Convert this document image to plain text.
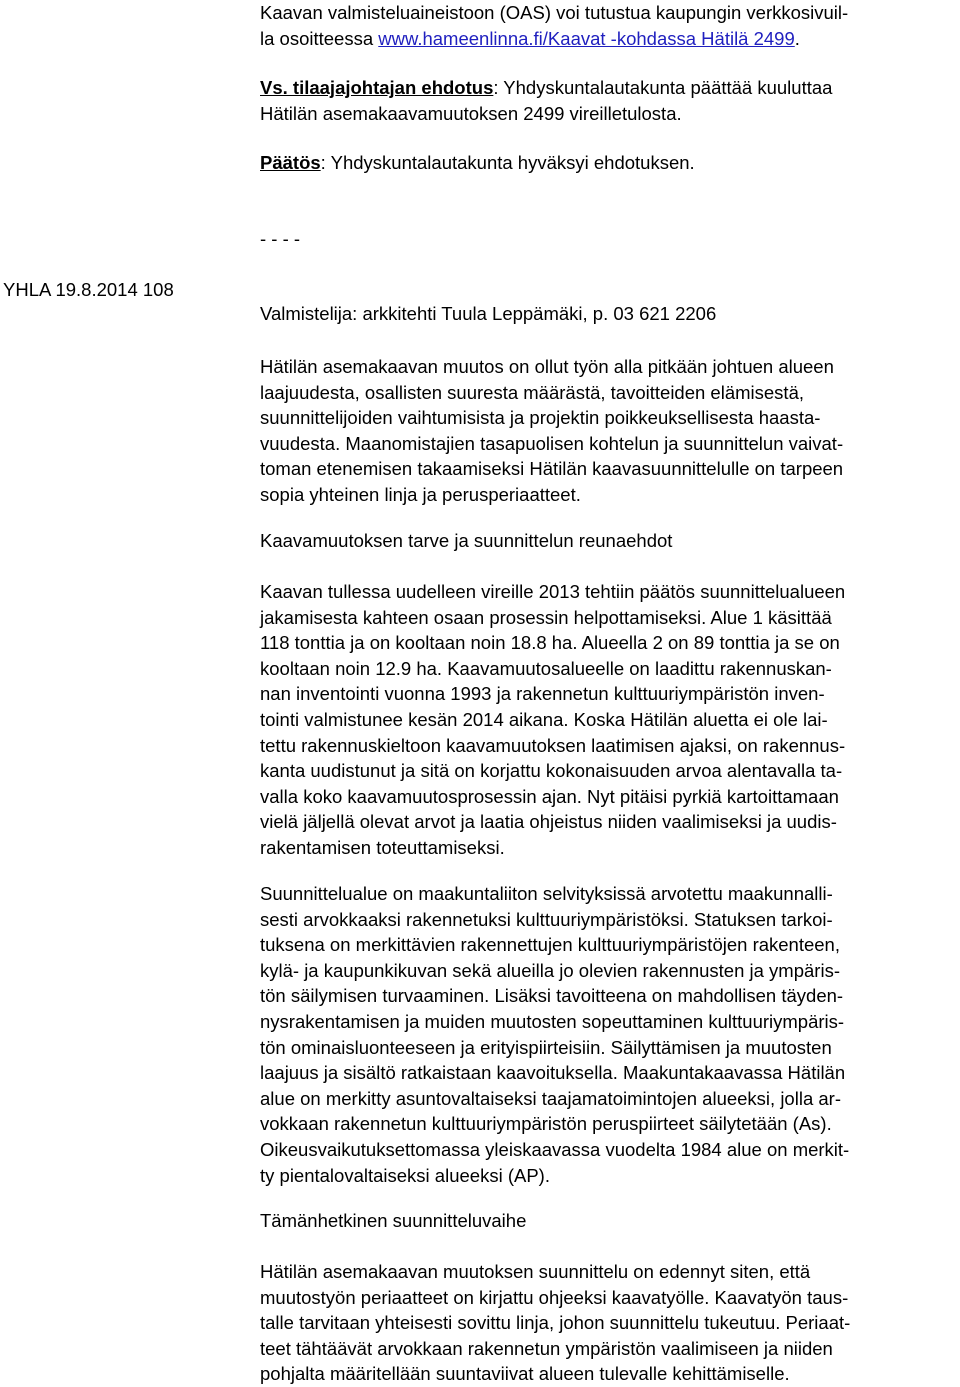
Kaavan valmisteluaineistoon (OAS) voi tutustua kaupungin verkkosivuil-

la osoitteessa www.hameenlinna.fi/Kaavat -kohdassa Hätilä 2499.

Vs. tilaajajohtajan ehdotus: Yhdyskuntalautakunta päättää kuuluttaa

Hätilän asemakaavamuutoksen 2499 vireilletulosta.

Päätös: Yhdyskuntalautakunta hyväksyi ehdotuksen.

- - - -

YHLA 19.8.2014 108

Valmistelija: arkkitehti Tuula Leppämäki, p. 03 621 2206

Hätilän asemakaavan muutos on ollut työn alla pitkään johtuen alueen

laajuudesta, osallisten suuresta määrästä, tavoitteiden elämisestä,

suunnittelijoiden vaihtumisista ja projektin poikkeuksellisesta haasta-

vuudesta. Maanomistajien tasapuolisen kohtelun ja suunnittelun vaivat-

toman etenemisen takaamiseksi Hätilän kaavasuunnittelulle on tarpeen

sopia yhteinen linja ja perusperiaatteet.

Kaavamuutoksen tarve ja suunnittelun reunaehdot

Kaavan tullessa uudelleen vireille 2013 tehtiin päätös suunnittelualueen

jakamisesta kahteen osaan prosessin helpottamiseksi. Alue 1 käsittää

118 tonttia ja on kooltaan noin 18.8 ha. Alueella 2 on 89 tonttia ja se on

kooltaan noin 12.9 ha. Kaavamuutosalueelle on laadittu rakennuskan-

nan inventointi vuonna 1993 ja rakennetun kulttuuriympäristön inven-

tointi valmistunee kesän 2014 aikana. Koska Hätilän aluetta ei ole lai-

tettu rakennuskieltoon kaavamuutoksen laatimisen ajaksi, on rakennus-

kanta uudistunut ja sitä on korjattu kokonaisuuden arvoa alentavalla ta-

valla koko kaavamuutosprosessin ajan. Nyt pitäisi pyrkiä kartoittamaan

vielä jäljellä olevat arvot ja laatia ohjeistus niiden vaalimiseksi ja uudis-

rakentamisen toteuttamiseksi.

Suunnittelualue on maakuntaliiton selvityksissä arvotettu maakunnalli-

sesti arvokkaaksi rakennetuksi kulttuuriympäristöksi. Statuksen tarkoi-

tuksena on merkittävien rakennettujen kulttuuriympäristöjen rakenteen,

kylä- ja kaupunkikuvan sekä alueilla jo olevien rakennusten ja ympäris-

tön säilymisen turvaaminen. Lisäksi tavoitteena on mahdollisen täyden-

nysrakentamisen ja muiden muutosten sopeuttaminen kulttuuriympäris-

tön ominaisluonteeseen ja erityispiirteisiin. Säilyttämisen ja muutosten

laajuus ja sisältö ratkaistaan kaavoituksella. Maakuntakaavassa Hätilän

alue on merkitty asuntovaltaiseksi taajamatoimintojen alueeksi, jolla ar-

vokkaan rakennetun kulttuuriympäristön peruspiirteet säilytetään (As).

Oikeusvaikutuksettomassa yleiskaavassa vuodelta 1984 alue on merkit-

ty pientalovaltaiseksi alueeksi (AP).

Tämänhetkinen suunnitteluvaihe

Hätilän asemakaavan muutoksen suunnittelu on edennyt siten, että

muutostyön periaatteet on kirjattu ohjeeksi kaavatyölle. Kaavatyön taus-

talle tarvitaan yhteisesti sovittu linja, johon suunnittelu tukeutuu. Periaat-

teet tähtäävät arvokkaan rakennetun ympäristön vaalimiseen ja niiden

pohjalta määritellään suuntaviivat alueen tulevalle kehittämiselle.
